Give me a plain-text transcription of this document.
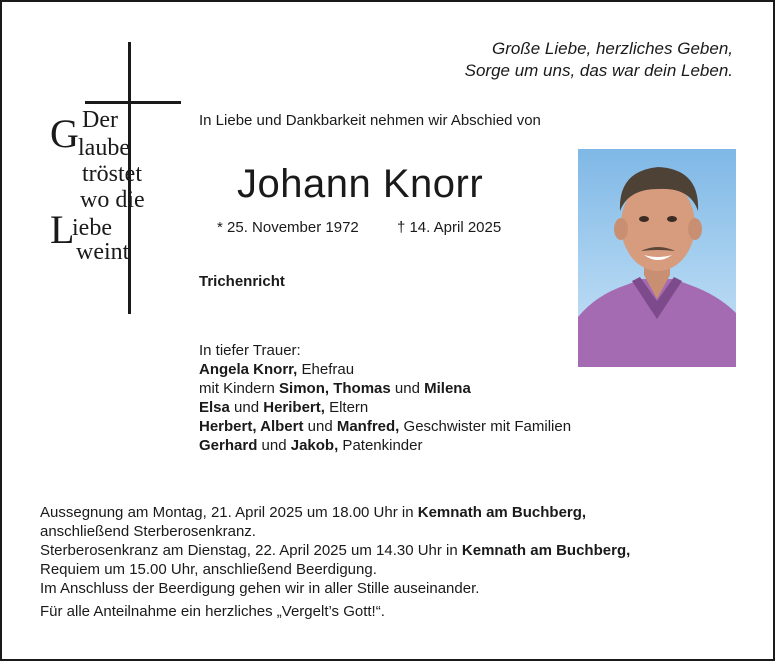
Große Liebe, herzliches Geben,
Sorge um uns, das war dein Leben.
G Der
laube
tröstet
wo die
L
iebe
weint
In Liebe und Dankbarkeit nehmen wir Abschied von
Johann Knorr
* 25. November 1972	† 14. April 2025
Trichenricht
In tiefer Trauer:
Angela Knorr, Ehefrau
mit Kindern Simon, Thomas und Milena
Elsa und Heribert, Eltern
Herbert, Albert und Manfred, Geschwister mit Familien
Gerhard und Jakob, Patenkinder
Aussegnung am Montag, 21. April 2025 um 18.00 Uhr in Kemnath am Buchberg,
anschließend Sterberosenkranz.
Sterberosenkranz am Dienstag, 22. April 2025 um 14.30 Uhr in Kemnath am Buchberg,
Requiem um 15.00 Uhr, anschließend Beerdigung.
Im Anschluss der Beerdigung gehen wir in aller Stille auseinander.
Für alle Anteilnahme ein herzliches „Vergelt’s Gott!“.
